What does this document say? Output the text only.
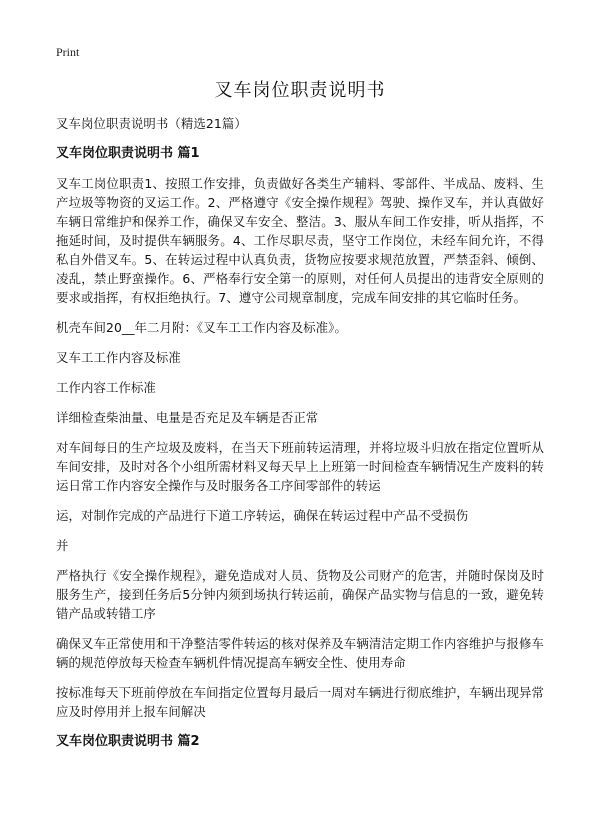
Print
叉车岗位职责说明书

叉车岗位职责说明书（精选21篇）

叉车岗位职责说明书 篇1

叉车工岗位职责1、按照工作安排，负责做好各类生产辅料、零部件、半成品、废料、生产垃圾等物资的叉运工作。2、严格遵守《安全操作规程》驾驶、操作叉车，并认真做好车辆日常维护和保养工作，确保叉车安全、整洁。3、服从车间工作安排，听从指挥，不拖延时间，及时提供车辆服务。4、工作尽职尽责，坚守工作岗位，未经车间允许，不得私自外借叉车。5、在转运过程中认真负责，货物应按要求规范放置，严禁歪斜、倾倒、凌乱，禁止野蛮操作。6、严格奉行安全第一的原则，对任何人员提出的违背安全原则的要求或指挥，有权拒绝执行。7、遵守公司规章制度，完成车间安排的其它临时任务。

机壳车间20__年二月附：《叉车工工作内容及标准》。

叉车工工作内容及标准

工作内容工作标准

详细检查柴油量、电量是否充足及车辆是否正常

对车间每日的生产垃圾及废料，在当天下班前转运清理，并将垃圾斗归放在指定位置听从车间安排，及时对各个小组所需材料叉每天早上上班第一时间检查车辆情况生产废料的转运日常工作内容安全操作与及时服务各工序间零部件的转运

运，对制作完成的产品进行下道工序转运，确保在转运过程中产品不受损伤

并

严格执行《安全操作规程》，避免造成对人员、货物及公司财产的危害，并随时保岗及时服务生产，接到任务后5分钟内须到场执行转运前，确保产品实物与信息的一致，避免转错产品或转错工序

确保叉车正常使用和干净整洁零件转运的核对保养及车辆清洁定期工作内容维护与报修车辆的规范停放每天检查车辆机件情况提高车辆安全性、使用寿命

按标准每天下班前停放在车间指定位置每月最后一周对车辆进行彻底维护，车辆出现异常应及时停用并上报车间解决

叉车岗位职责说明书 篇2
